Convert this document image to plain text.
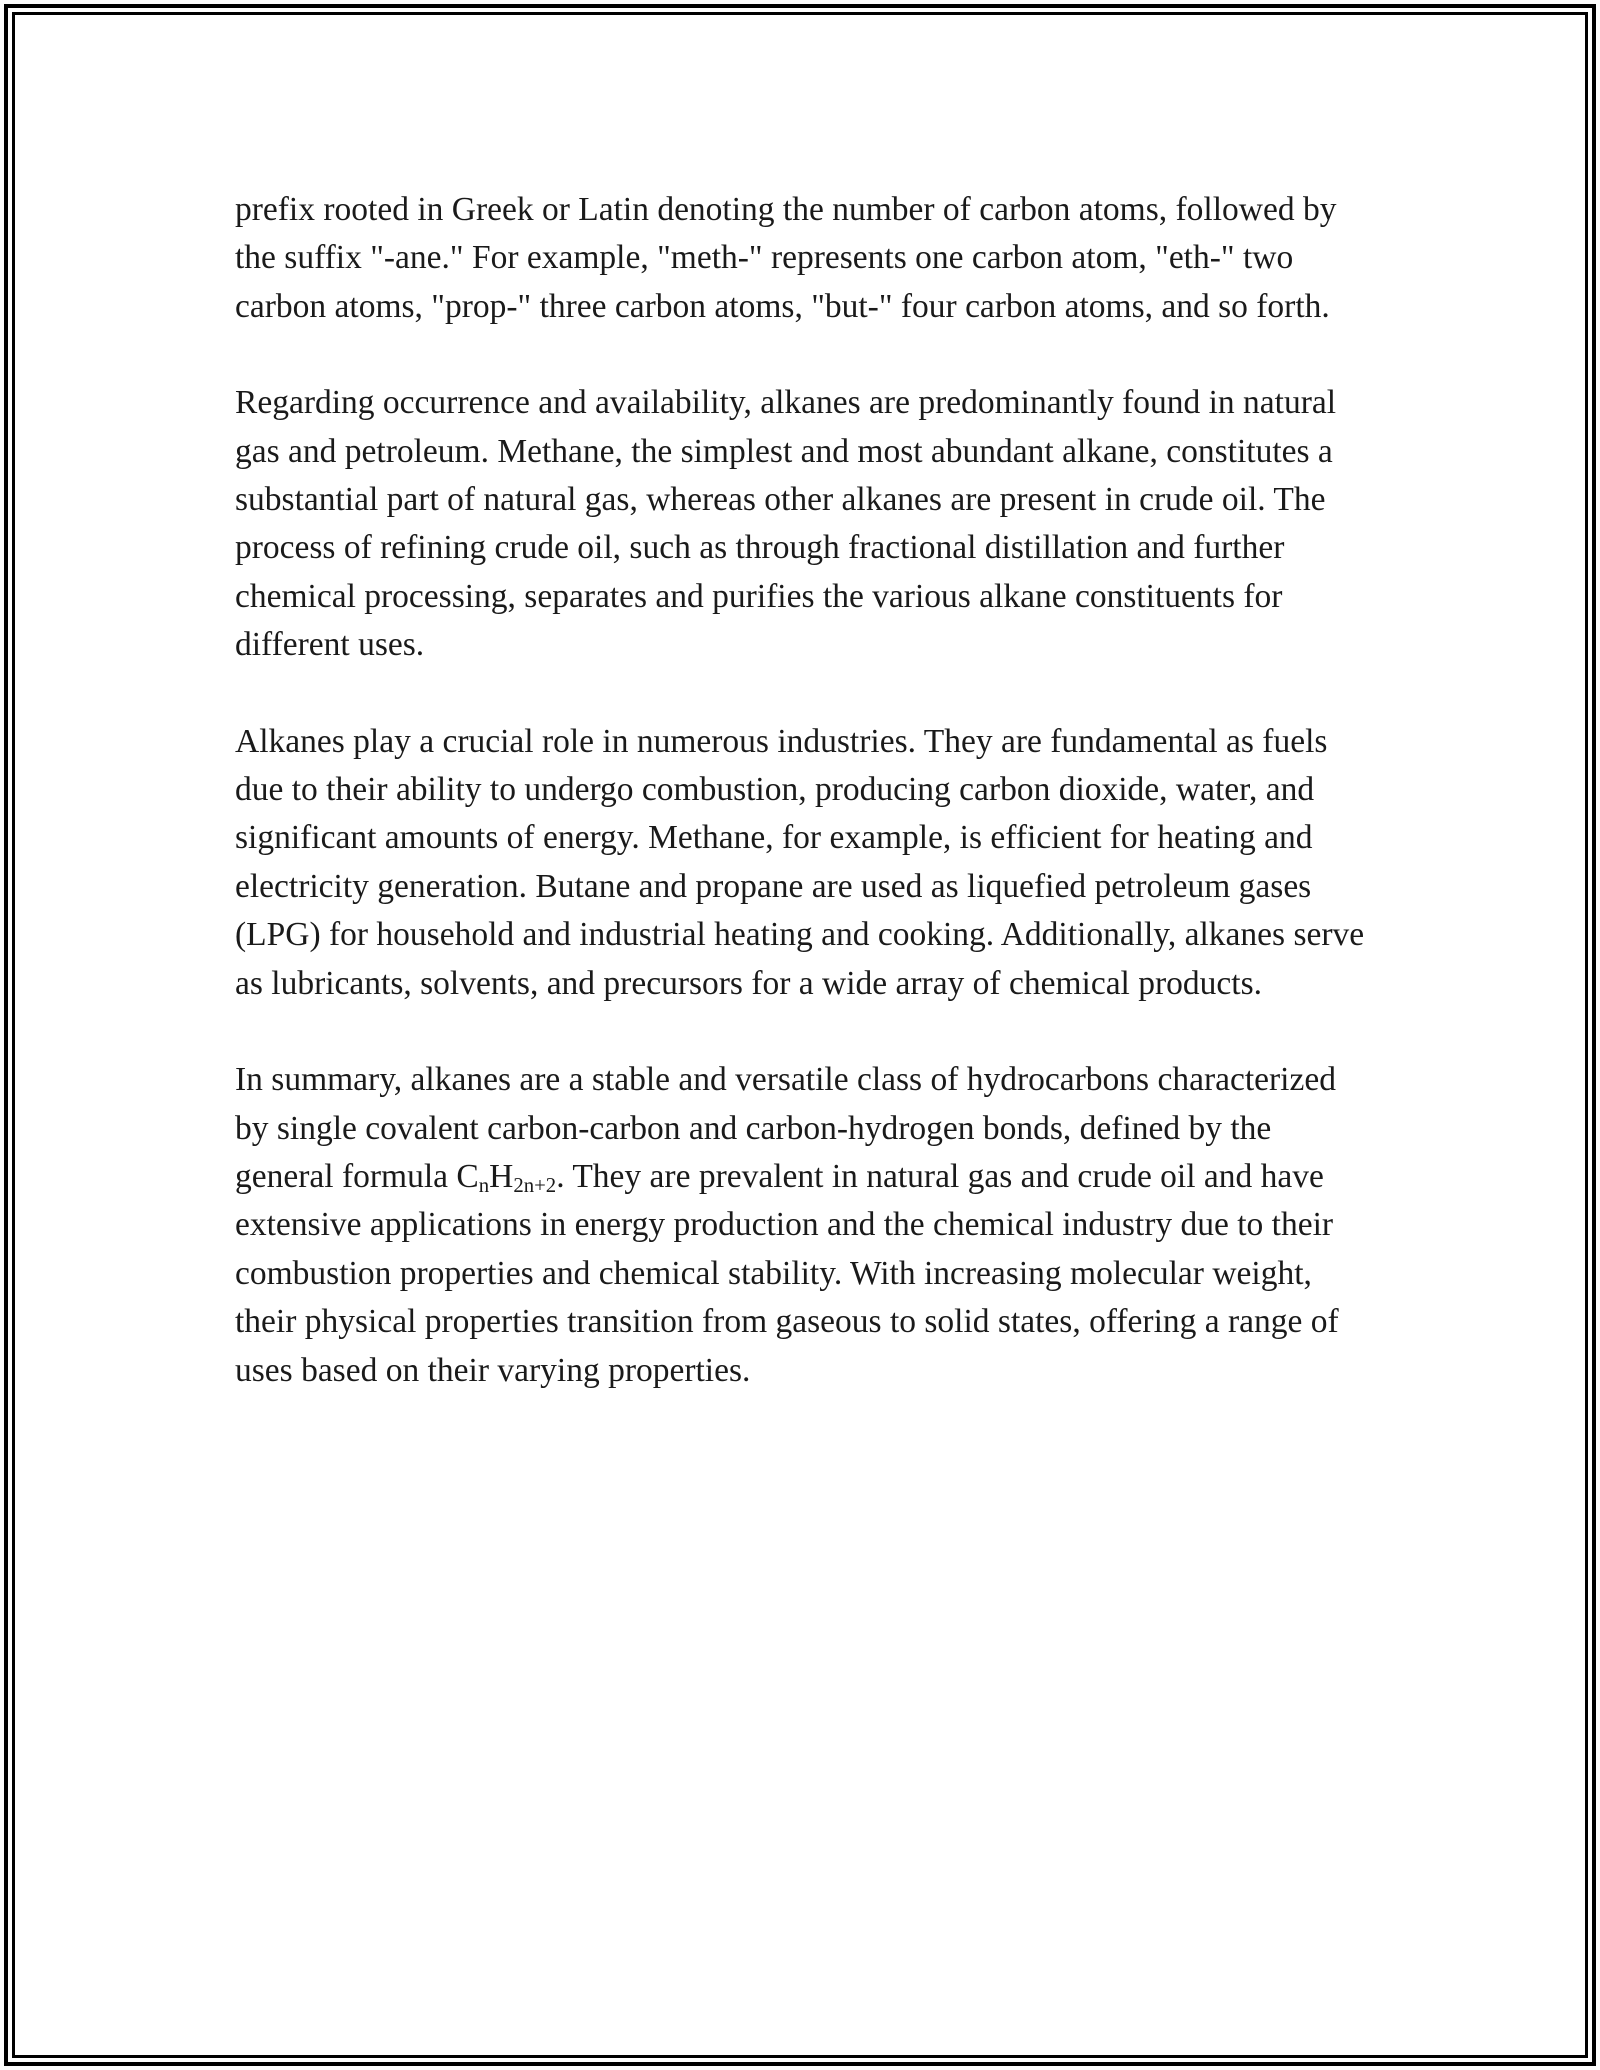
prefix rooted in Greek or Latin denoting the number of carbon atoms, followed by the suffix "-ane." For example, "meth-" represents one carbon atom, "eth-" two carbon atoms, "prop-" three carbon atoms, "but-" four carbon atoms, and so forth.

Regarding occurrence and availability, alkanes are predominantly found in natural gas and petroleum. Methane, the simplest and most abundant alkane, constitutes a substantial part of natural gas, whereas other alkanes are present in crude oil. The process of refining crude oil, such as through fractional distillation and further chemical processing, separates and purifies the various alkane constituents for different uses.

Alkanes play a crucial role in numerous industries. They are fundamental as fuels due to their ability to undergo combustion, producing carbon dioxide, water, and significant amounts of energy. Methane, for example, is efficient for heating and electricity generation. Butane and propane are used as liquefied petroleum gases (LPG) for household and industrial heating and cooking. Additionally, alkanes serve as lubricants, solvents, and precursors for a wide array of chemical products.

In summary, alkanes are a stable and versatile class of hydrocarbons characterized by single covalent carbon-carbon and carbon-hydrogen bonds, defined by the general formula $C_nH_{2n+2}$. They are prevalent in natural gas and crude oil and have extensive applications in energy production and the chemical industry due to their combustion properties and chemical stability. With increasing molecular weight, their physical properties transition from gaseous to solid states, offering a range of uses based on their varying properties.
